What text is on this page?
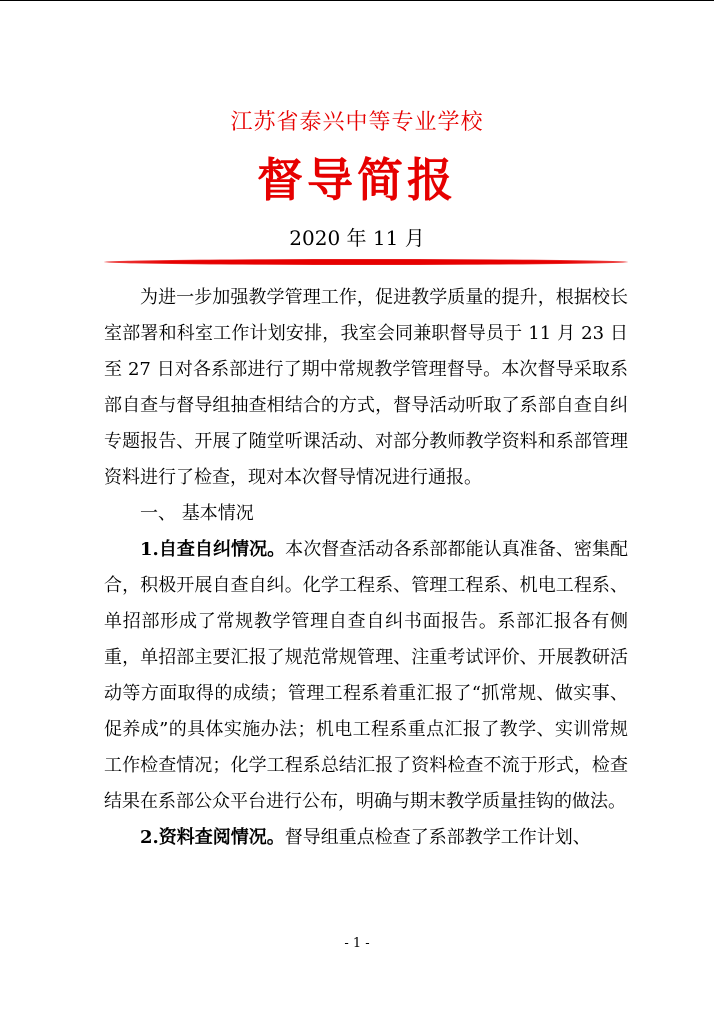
江苏省泰兴中等专业学校
督导简报
2020 年 11 月

为进一步加强教学管理工作，促进教学质量的提升，根据校长室部署和科室工作计划安排，我室会同兼职督导员于 11 月 23 日至 27 日对各系部进行了期中常规教学管理督导。本次督导采取系部自查与督导组抽查相结合的方式，督导活动听取了系部自查自纠专题报告、开展了随堂听课活动、对部分教师教学资料和系部管理资料进行了检查，现对本次督导情况进行通报。

一、 基本情况

1.自查自纠情况。本次督查活动各系部都能认真准备、密集配合，积极开展自查自纠。化学工程系、管理工程系、机电工程系、单招部形成了常规教学管理自查自纠书面报告。系部汇报各有侧重，单招部主要汇报了规范常规管理、注重考试评价、开展教研活动等方面取得的成绩；管理工程系着重汇报了“抓常规、做实事、促养成”的具体实施办法；机电工程系重点汇报了教学、实训常规工作检查情况；化学工程系总结汇报了资料检查不流于形式，检查结果在系部公众平台进行公布，明确与期末教学质量挂钩的做法。

2.资料查阅情况。督导组重点检查了系部教学工作计划、

- 1 -
